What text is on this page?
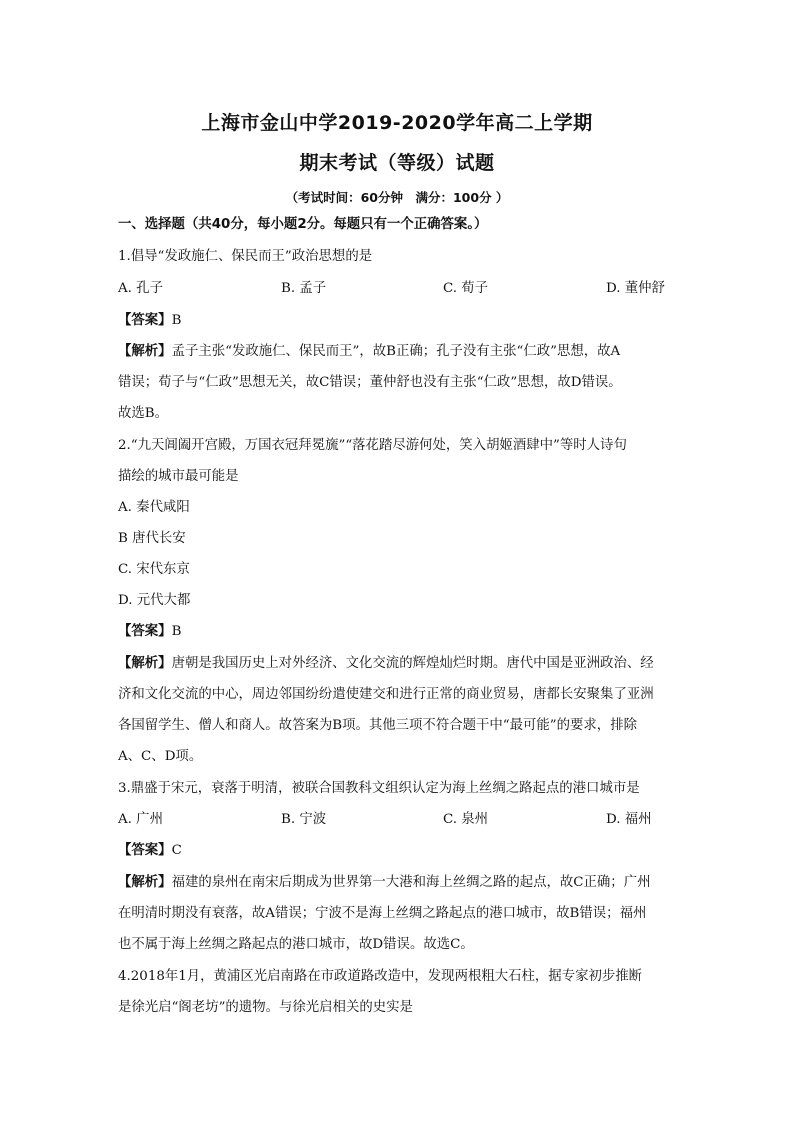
上海市金山中学2019-2020学年高二上学期
期末考试（等级）试题
（考试时间：60分钟　满分：100分 ）
一、选择题（共40分，每小题2分。每题只有一个正确答案。）
1.倡导“发政施仁、保民而王”政治思想的是
A. 孔子	B. 孟子	C. 荀子	D. 董仲舒
【答案】B
【解析】孟子主张“发政施仁、保民而王”，故B正确；孔子没有主张“仁政”思想，故A
错误；荀子与“仁政”思想无关，故C错误；董仲舒也没有主张“仁政”思想，故D错误。
故选B。
2.“九天阊阖开宫殿，万国衣冠拜冕旒”“落花踏尽游何处，笑入胡姬酒肆中”等时人诗句
描绘的城市最可能是
A. 秦代咸阳
B 唐代长安
C. 宋代东京
D. 元代大都
【答案】B
【解析】唐朝是我国历史上对外经济、文化交流的辉煌灿烂时期。唐代中国是亚洲政治、经
济和文化交流的中心，周边邻国纷纷遣使建交和进行正常的商业贸易，唐都长安聚集了亚洲
各国留学生、僧人和商人。故答案为B项。其他三项不符合题干中“最可能”的要求，排除
A、C、D项。
3.鼎盛于宋元，衰落于明清，被联合国教科文组织认定为海上丝绸之路起点的港口城市是
A. 广州	B. 宁波	C. 泉州	D. 福州
【答案】C
【解析】福建的泉州在南宋后期成为世界第一大港和海上丝绸之路的起点，故C正确；广州
在明清时期没有衰落，故A错误；宁波不是海上丝绸之路起点的港口城市，故B错误；福州
也不属于海上丝绸之路起点的港口城市，故D错误。故选C。
4.2018年1月，黄浦区光启南路在市政道路改造中，发现两根粗大石柱，据专家初步推断
是徐光启“阁老坊”的遗物。与徐光启相关的史实是
